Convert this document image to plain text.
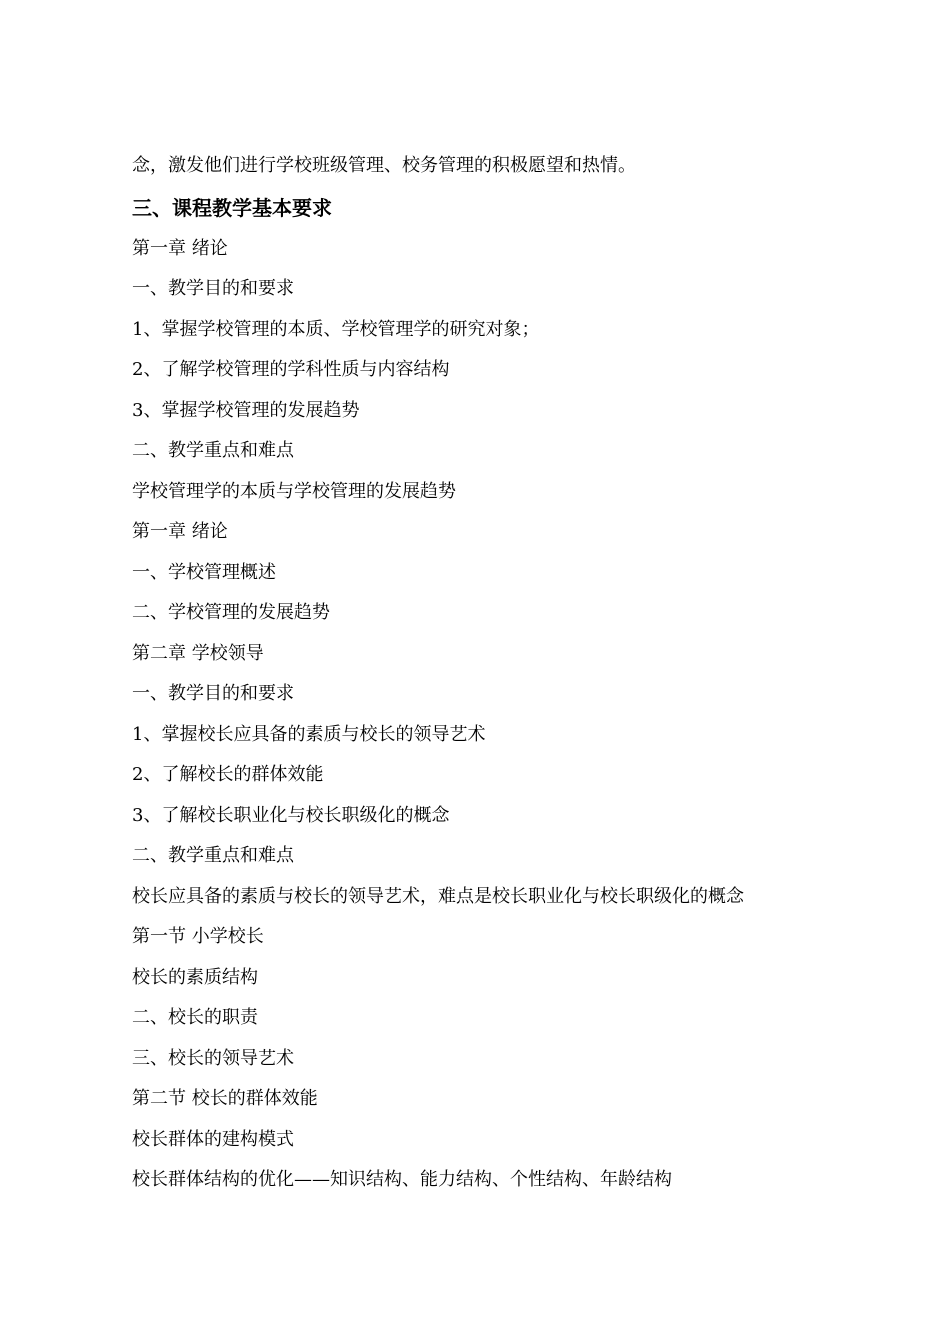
念，激发他们进行学校班级管理、校务管理的积极愿望和热情。
三、课程教学基本要求
第一章 绪论
一、教学目的和要求
1、掌握学校管理的本质、学校管理学的研究对象；
2、了解学校管理的学科性质与内容结构
3、掌握学校管理的发展趋势
二、教学重点和难点
学校管理学的本质与学校管理的发展趋势
第一章 绪论
一、学校管理概述
二、学校管理的发展趋势
第二章 学校领导
一、教学目的和要求
1、掌握校长应具备的素质与校长的领导艺术
2、了解校长的群体效能
3、了解校长职业化与校长职级化的概念
二、教学重点和难点
校长应具备的素质与校长的领导艺术，难点是校长职业化与校长职级化的概念
第一节 小学校长
校长的素质结构
二、校长的职责
三、校长的领导艺术
第二节 校长的群体效能
校长群体的建构模式
校长群体结构的优化——知识结构、能力结构、个性结构、年龄结构
